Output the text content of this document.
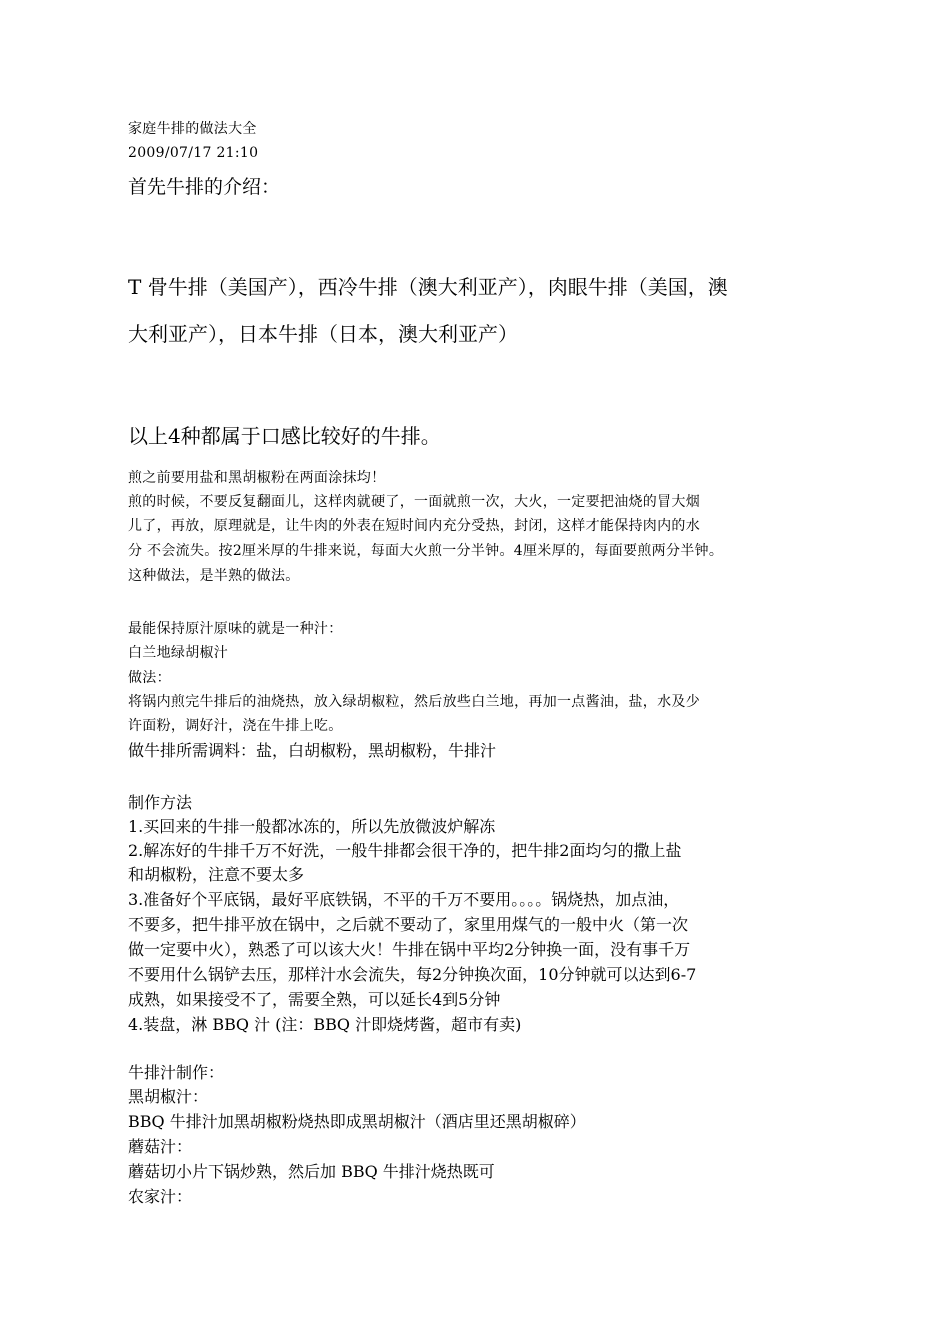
家庭牛排的做法大全
2009/07/17 21:10
首先牛排的介绍：
T 骨牛排（美国产），西冷牛排（澳大利亚产），肉眼牛排（美国，澳
大利亚产），日本牛排（日本，澳大利亚产）
以上4种都属于口感比较好的牛排。
煎之前要用盐和黑胡椒粉在两面涂抹均！
煎的时候，不要反复翻面儿，这样肉就硬了，一面就煎一次，大火，一定要把油烧的冒大烟
儿了，再放，原理就是，让牛肉的外表在短时间内充分受热，封闭，这样才能保持肉内的水
分 不会流失。按2厘米厚的牛排来说，每面大火煎一分半钟。4厘米厚的，每面要煎两分半钟。
这种做法，是半熟的做法。
最能保持原汁原味的就是一种汁：
白兰地绿胡椒汁
做法：
将锅内煎完牛排后的油烧热，放入绿胡椒粒，然后放些白兰地，再加一点酱油，盐，水及少
许面粉，调好汁，浇在牛排上吃。
做牛排所需调料：盐，白胡椒粉，黑胡椒粉，牛排汁
制作方法
1.买回来的牛排一般都冰冻的，所以先放微波炉解冻
2.解冻好的牛排千万不好洗，一般牛排都会很干净的，把牛排2面均匀的撒上盐
和胡椒粉，注意不要太多
3.准备好个平底锅，最好平底铁锅，不平的千万不要用。。。。锅烧热，加点油，
不要多，把牛排平放在锅中，之后就不要动了，家里用煤气的一般中火（第一次
做一定要中火），熟悉了可以该大火！牛排在锅中平均2分钟换一面，没有事千万
不要用什么锅铲去压，那样汁水会流失，每2分钟换次面，10分钟就可以达到6-7
成熟，如果接受不了，需要全熟，可以延长4到5分钟
4.装盘，淋 BBQ 汁 (注：BBQ 汁即烧烤酱，超市有卖)
牛排汁制作：
黑胡椒汁：
BBQ 牛排汁加黑胡椒粉烧热即成黑胡椒汁（酒店里还黑胡椒碎）
蘑菇汁：
蘑菇切小片下锅炒熟，然后加 BBQ 牛排汁烧热既可
农家汁：
